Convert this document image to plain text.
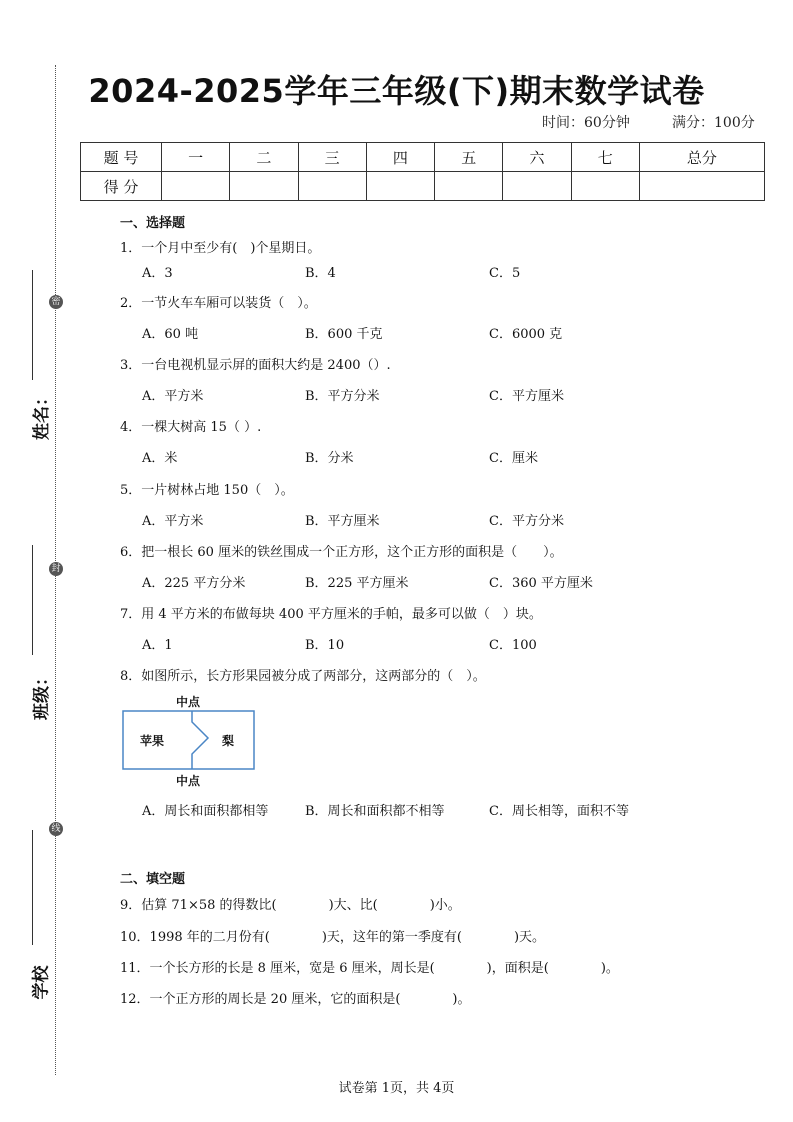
姓名：
班级：
学校
密
封
线
2024-2025学年三年级(下)期末数学试卷
时间：60分钟	满分：100分
题 号	一	二	三	四	五	六	七	总分
得 分								
一、选择题
1．一个月中至少有(　)个星期日。
A．3	B．4	C．5
2．一节火车车厢可以装货（　）。
A．60 吨	B．600 千克	C．6000 克
3．一台电视机显示屏的面积大约是 2400（）.
A．平方米	B．平方分米	C．平方厘米
4．一棵大树高 15（ ）.
A．米	B．分米	C．厘米
5．一片树林占地 150（　）。
A．平方米	B．平方厘米	C．平方分米
6．把一根长 60 厘米的铁丝围成一个正方形，这个正方形的面积是（　　）。
A．225 平方分米	B．225 平方厘米	C．360 平方厘米
7．用 4 平方米的布做每块 400 平方厘米的手帕，最多可以做（　）块。
A．1	B．10	C．100
8．如图所示，长方形果园被分成了两部分，这两部分的（　）。
中点
苹果	梨
中点
A．周长和面积都相等	B．周长和面积都不相等	C．周长相等，面积不等
二、填空题
9．估算 71×58 的得数比(　　　　)大、比(　　　　)小。
10．1998 年的二月份有(　　　　)天，这年的第一季度有(　　　　)天。
11．一个长方形的长是 8 厘米，宽是 6 厘米，周长是(　　　　)，面积是(　　　　)。
12．一个正方形的周长是 20 厘米，它的面积是(　　　　)。
试卷第 1页，共 4页
